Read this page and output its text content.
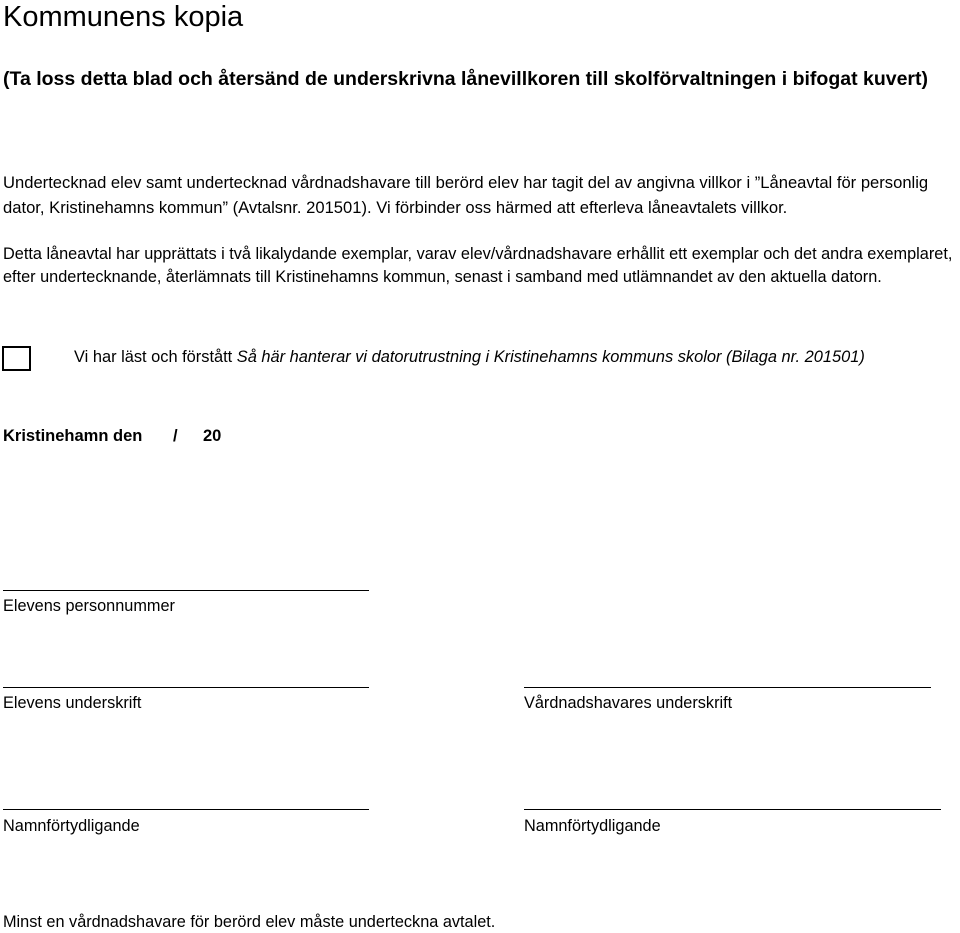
Kommunens kopia
(Ta loss detta blad och återsänd de underskrivna lånevillkoren till skolförvaltningen i bifogat kuvert)
Undertecknad elev samt undertecknad vårdnadshavare till berörd elev har tagit del av angivna villkor i ”Låneavtal för personlig dator, Kristinehamns kommun” (Avtalsnr. 201501). Vi förbinder oss härmed att efterleva låneavtalets villkor.
Detta låneavtal har upprättats i två likalydande exemplar, varav elev/vårdnadshavare erhållit ett exemplar och det andra exemplaret, efter undertecknande, återlämnats till Kristinehamns kommun, senast i samband med utlämnandet av den aktuella datorn.
Vi har läst och förstått Så här hanterar vi datorutrustning i Kristinehamns kommuns skolor (Bilaga nr. 201501)
Kristinehamn den / 20
Elevens personnummer
Elevens underskrift	Vårdnadshavares underskrift
Namnförtydligande	Namnförtydligande
Minst en vårdnadshavare för berörd elev måste underteckna avtalet.
